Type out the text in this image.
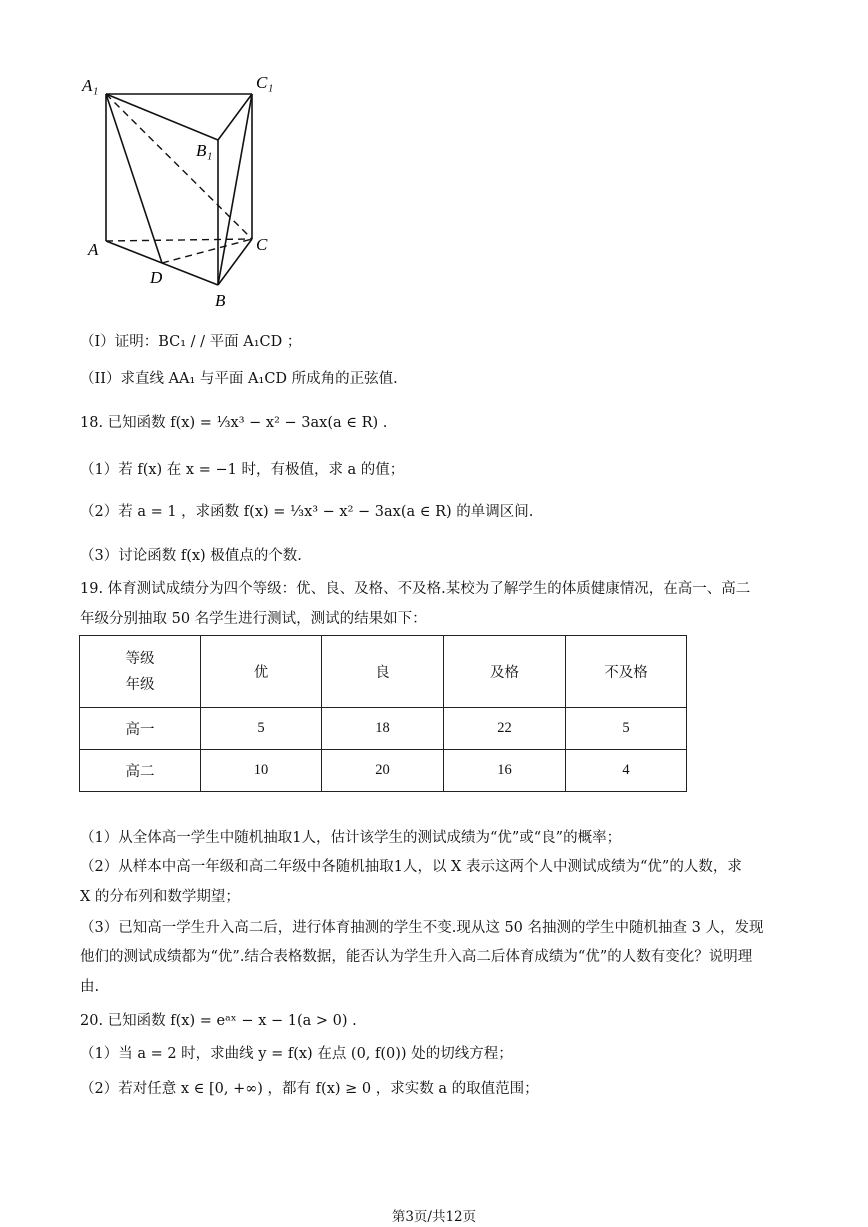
A₁	C₁
B₁
A	C
D
B
（I）证明：BC₁ / / 平面 A₁CD ；
（II）求直线 AA₁ 与平面 A₁CD 所成角的正弦值.
18. 已知函数 f(x) = ⅓x³ − x² − 3ax(a ∈ R) .
（1）若 f(x) 在 x = −1 时，有极值，求 a 的值；
（2）若 a = 1 ，求函数 f(x) = ⅓x³ − x² − 3ax(a ∈ R) 的单调区间.
（3）讨论函数 f(x) 极值点的个数.
19. 体育测试成绩分为四个等级：优、良、及格、不及格.某校为了解学生的体质健康情况，在高一、高二
年级分别抽取 50 名学生进行测试，测试的结果如下：
等级
年级	优	良	及格	不及格
高一	5	18	22	5
高二	10	20	16	4
（1）从全体高一学生中随机抽取1人，估计该学生的测试成绩为“优”或“良”的概率；
（2）从样本中高一年级和高二年级中各随机抽取1人，以 X 表示这两个人中测试成绩为“优”的人数，求
X 的分布列和数学期望；
（3）已知高一学生升入高二后，进行体育抽测的学生不变.现从这 50 名抽测的学生中随机抽查 3 人，发现
他们的测试成绩都为“优”.结合表格数据，能否认为学生升入高二后体育成绩为“优”的人数有变化？说明理
由.
20. 已知函数 f(x) = eᵃˣ − x − 1(a > 0) .
（1）当 a = 2 时，求曲线 y = f(x) 在点 (0, f(0)) 处的切线方程；
（2）若对任意 x ∈ [0, +∞) ，都有 f(x) ≥ 0 ，求实数 a 的取值范围；
第3页/共12页
